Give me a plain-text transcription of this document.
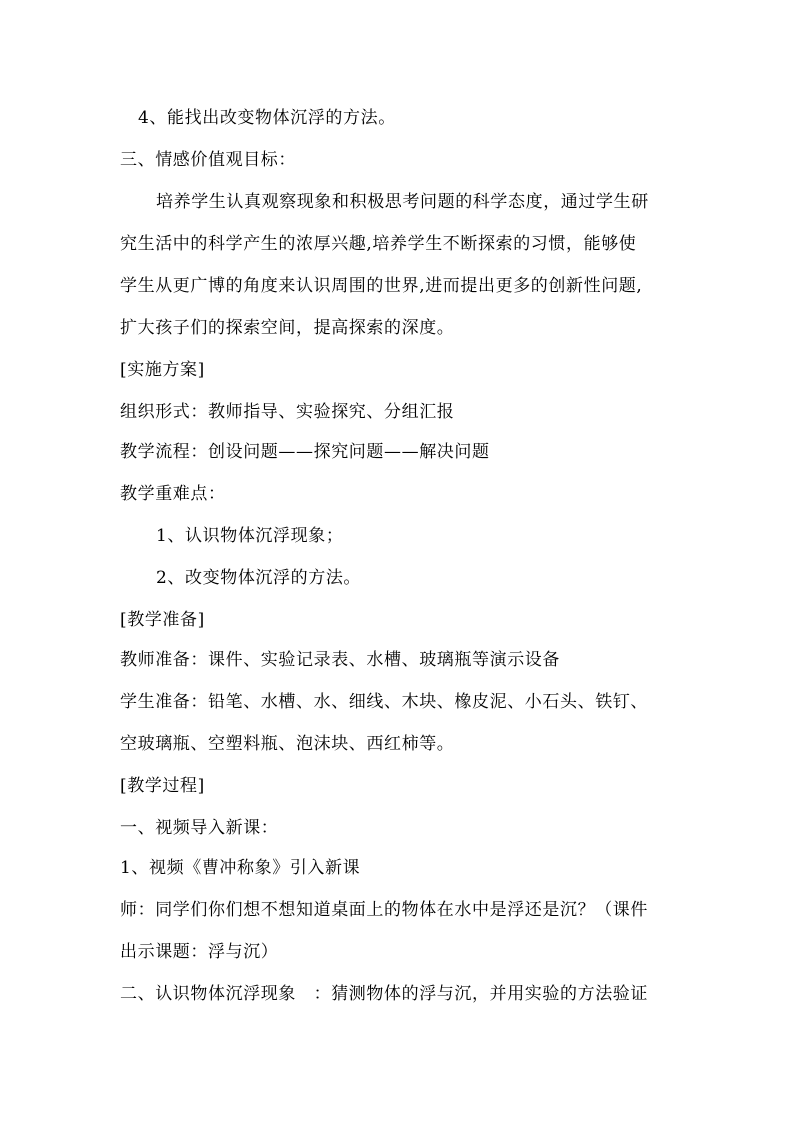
4、能找出改变物体沉浮的方法。
三、情感价值观目标：
培养学生认真观察现象和积极思考问题的科学态度，通过学生研
究生活中的科学产生的浓厚兴趣,培养学生不断探索的习惯，能够使
学生从更广博的角度来认识周围的世界,进而提出更多的创新性问题,
扩大孩子们的探索空间，提高探索的深度。
[实施方案]
组织形式：教师指导、实验探究、分组汇报
教学流程：创设问题——探究问题——解决问题
教学重难点：
1、认识物体沉浮现象；
2、改变物体沉浮的方法。
[教学准备]
教师准备：课件、实验记录表、水槽、玻璃瓶等演示设备
学生准备：铅笔、水槽、水、细线、木块、橡皮泥、小石头、铁钉、
空玻璃瓶、空塑料瓶、泡沫块、西红柿等。
[教学过程]
一、视频导入新课：
1、视频《曹冲称象》引入新课
师：同学们你们想不想知道桌面上的物体在水中是浮还是沉？（课件
出示课题：浮与沉）
二、认识物体沉浮现象　：猜测物体的浮与沉，并用实验的方法验证
